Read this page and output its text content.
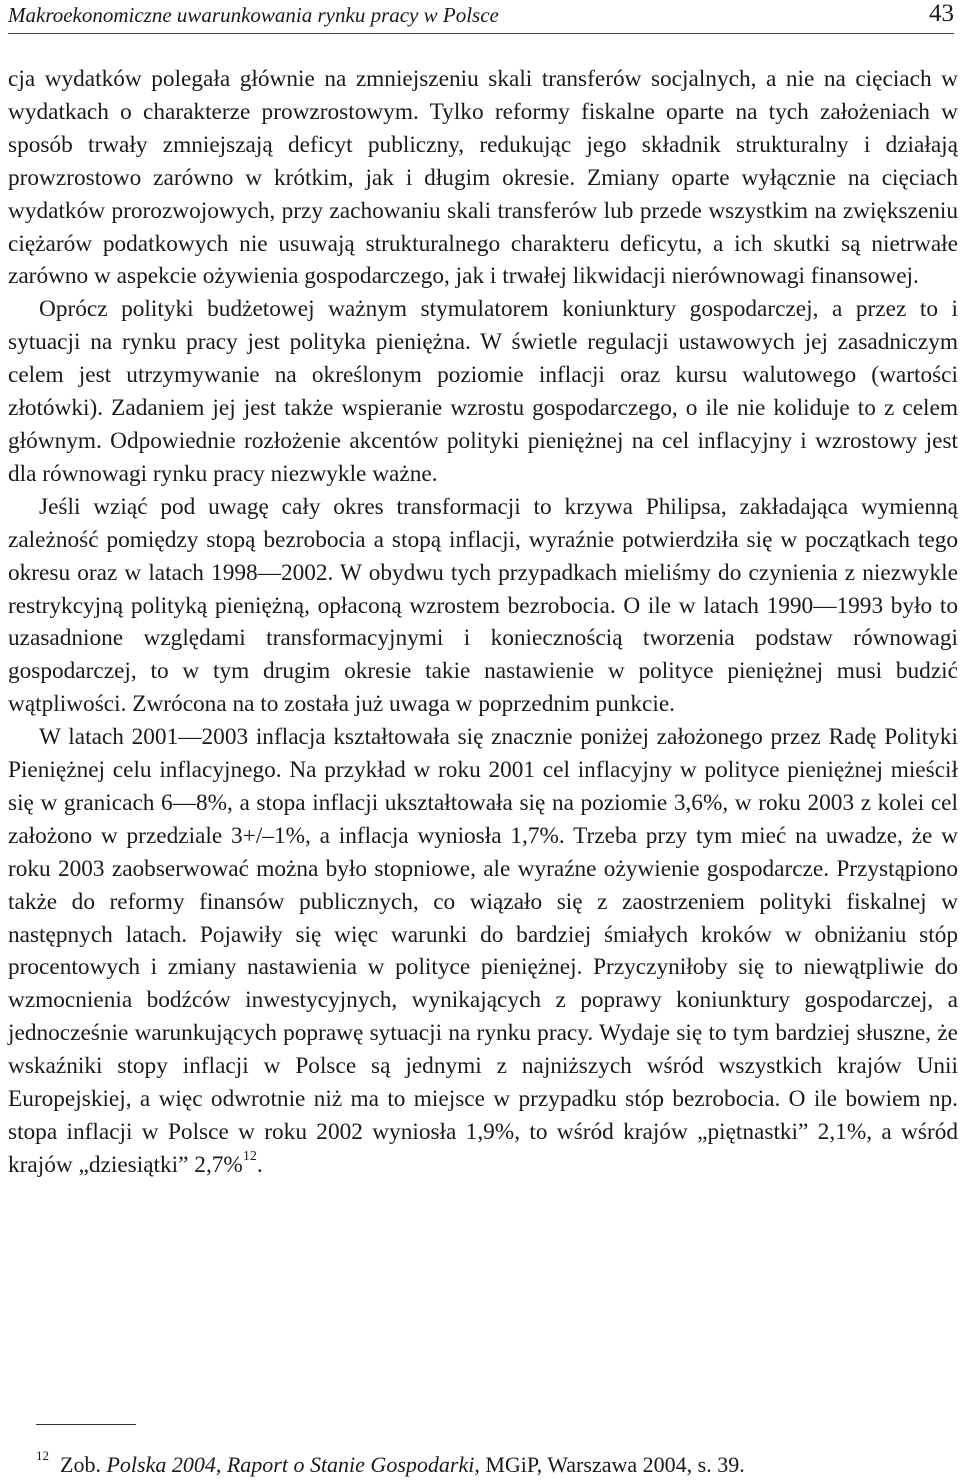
Makroekonomiczne uwarunkowania rynku pracy w Polsce	43

cja wydatków polegała głównie na zmniejszeniu skali transferów socjalnych, a nie na cięciach w wydatkach o charakterze prowzrostowym. Tylko reformy fiskalne oparte na tych założeniach w sposób trwały zmniejszają deficyt publiczny, redukując jego składnik strukturalny i działają prowzrostowo zarówno w krótkim, jak i długim okresie. Zmiany oparte wyłącznie na cięciach wydatków prorozwojowych, przy zachowaniu skali transferów lub przede wszystkim na zwiększeniu ciężarów podatkowych nie usuwają strukturalnego charakteru deficytu, a ich skutki są nietrwałe zarówno w aspekcie ożywienia gospodarczego, jak i trwałej likwidacji nierównowagi finansowej.

Oprócz polityki budżetowej ważnym stymulatorem koniunktury gospodarczej, a przez to i sytuacji na rynku pracy jest polityka pieniężna. W świetle regulacji ustawowych jej zasadniczym celem jest utrzymywanie na określonym poziomie inflacji oraz kursu walutowego (wartości złotówki). Zadaniem jej jest także wspieranie wzrostu gospodarczego, o ile nie koliduje to z celem głównym. Odpowiednie rozłożenie akcentów polityki pieniężnej na cel inflacyjny i wzrostowy jest dla równowagi rynku pracy niezwykle ważne.

Jeśli wziąć pod uwagę cały okres transformacji to krzywa Philipsa, zakładająca wymienną zależność pomiędzy stopą bezrobocia a stopą inflacji, wyraźnie potwierdziła się w początkach tego okresu oraz w latach 1998—2002. W obydwu tych przypadkach mieliśmy do czynienia z niezwykle restrykcyjną polityką pieniężną, opłaconą wzrostem bezrobocia. O ile w latach 1990—1993 było to uzasadnione względami transformacyjnymi i koniecznością tworzenia podstaw równowagi gospodarczej, to w tym drugim okresie takie nastawienie w polityce pieniężnej musi budzić wątpliwości. Zwrócona na to została już uwaga w poprzednim punkcie.

W latach 2001—2003 inflacja kształtowała się znacznie poniżej założonego przez Radę Polityki Pieniężnej celu inflacyjnego. Na przykład w roku 2001 cel inflacyjny w polityce pieniężnej mieścił się w granicach 6—8%, a stopa inflacji ukształtowała się na poziomie 3,6%, w roku 2003 z kolei cel założono w przedziale 3+/–1%, a inflacja wyniosła 1,7%. Trzeba przy tym mieć na uwadze, że w roku 2003 zaobserwować można było stopniowe, ale wyraźne ożywienie gospodarcze. Przystąpiono także do reformy finansów publicznych, co wiązało się z zaostrzeniem polityki fiskalnej w następnych latach. Pojawiły się więc warunki do bardziej śmiałych kroków w obniżaniu stóp procentowych i zmiany nastawienia w polityce pieniężnej. Przyczyniłoby się to niewątpliwie do wzmocnienia bodźców inwestycyjnych, wynikających z poprawy koniunktury gospodarczej, a jednocześnie warunkujących poprawę sytuacji na rynku pracy. Wydaje się to tym bardziej słuszne, że wskaźniki stopy inflacji w Polsce są jednymi z najniższych wśród wszystkich krajów Unii Europejskiej, a więc odwrotnie niż ma to miejsce w przypadku stóp bezrobocia. O ile bowiem np. stopa inflacji w Polsce w roku 2002 wyniosła 1,9%, to wśród krajów „piętnastki” 2,1%, a wśród krajów „dziesiątki” 2,7%$^{12}$.

$^{12}$ Zob. Polska 2004, Raport o Stanie Gospodarki, MGiP, Warszawa 2004, s. 39.
